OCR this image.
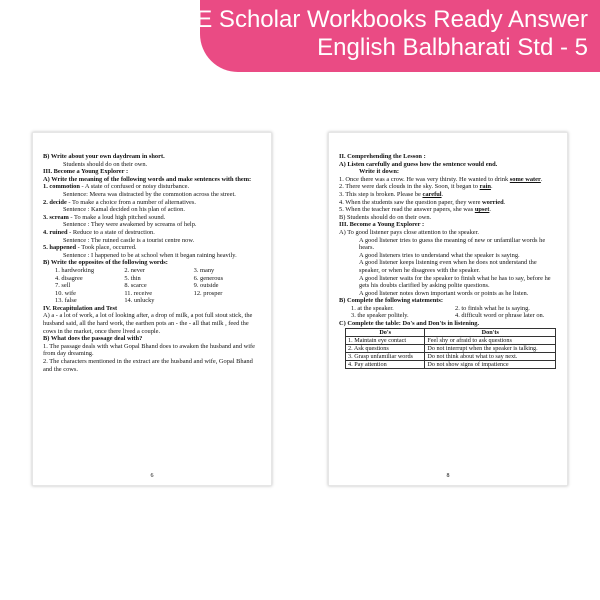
CCE Scholar Workbooks Ready Answer
English Balbharati Std - 5
B) Write about your own daydream in short.
Students should do on their own.
III. Become a Young Explorer :
A) Write the meaning of the following words and make sentences with them:
1. commotion - A state of confused or noisy disturbance.
Sentence: Meera was distracted by the commotion across the street.
2. decide - To make a choice from a number of alternatives.
Sentence : Kamal decided on his plan of action.
3. scream - To make a loud high pitched sound.
Sentence : They were awakened by screams of help.
4. ruined - Reduce to a state of destruction.
Sentence : The ruined castle is a tourist centre now.
5. happened - Took place, occurred.
Sentence : I happened to be at school when it began raining heavily.
B) Write the opposites of the following words:
1. hardworking	2. never	3. many
4. disagree	5. thin	6. generous
7. sell	8. scarce	9. outside
10. wife	11. receive	12. prosper
13. false	14. unlucky
IV. Recapitulation and Test
A) a - a lot of work, a lot of looking after, a drop of milk, a pot full stout stick, the husband said, all the hard work, the earthen pots an - the - all that milk , feed the cows in the market, once there lived a couple.
B) What does the passage deal with?
1. The passage deals with what Gopal Bhand does to awaken the husband and wife from day dreaming.
2. The characters mentioned in the extract are the husband and wife, Gopal Bhand and the cows.
6
II. Comprehending the Lesson :
A) Listen carefully and guess how the sentence would end.
Write it down:
1. Once there was a crow. He was very thirsty. He wanted to drink some water.
2. There were dark clouds in the sky. Soon, it began to rain.
3. This step is broken. Please be careful.
4. When the students saw the question paper, they were worried.
5. When the teacher read the answer papers, she was upset.
B) Students should do on their own.
III. Become a Young Explorer :
A) To good listener pays close attention to the speaker.
A good listener tries to guess the meaning of new or unfamiliar words he hears.
A good listeners tries to understand what the speaker is saying.
A good listener keeps listening even when he does not understand the speaker, or when he disagrees with the speaker.
A good listener waits for the speaker to finish what he has to say, before he gets his doubts clarified by asking polite questions.
A good listener notes down important words or points as he listen.
B) Complete the following statements:
1. at the speaker.	2. to finish what he is saying.
3. the speaker politely.	4. difficult word or phrase later on.
C) Complete the table: Do's and Don'ts in listening.
Do's	Don'ts
1. Maintain eye contact	Feel shy or afraid to ask questions
2. Ask questions	Do not interrupt when the speaker is talking.
3. Grasp unfamiliar words	Do not think about what to say next.
4. Pay attention	Do not show signs of impatience
8
